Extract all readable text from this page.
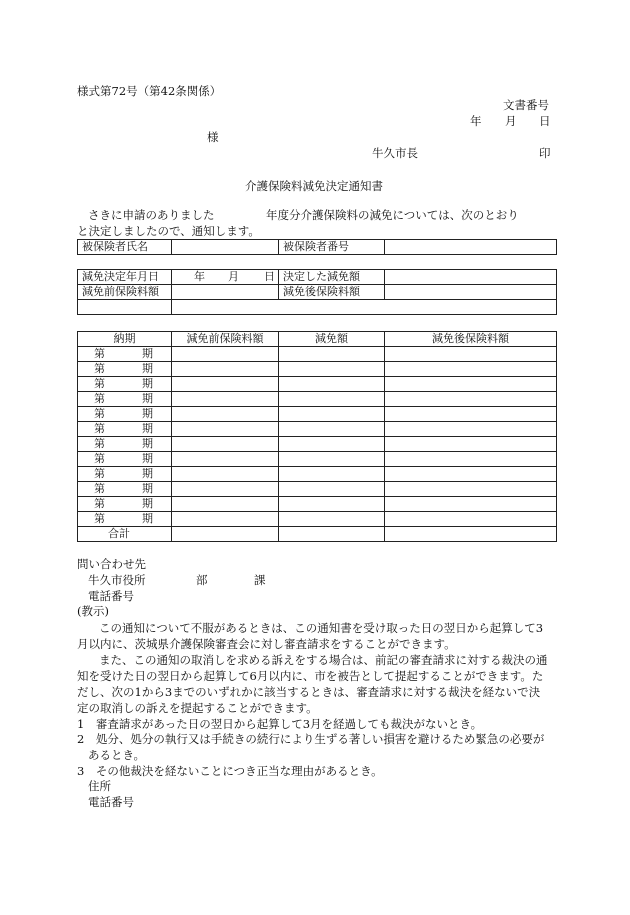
様式第72号（第42条関係）
文書番号
年 月 日
様
牛久市長	印
介護保険料減免決定通知書
さきに申請のありました	年度分介護保険料の減免については、次のとおり
と決定しましたので、通知します。
被保険者氏名		被保険者番号	
減免決定年月日	年 月 日	決定した減免額	
減免前保険料額		減免後保険料額	

納期	減免前保険料額	減免額	減免後保険料額

第 期			

第 期			

第 期			

第 期			

第 期			

第 期			

第 期			

第 期			

第 期			

第 期			

第 期			

第 期			

合計			
問い合わせ先
牛久市役所	部	課
電話番号
(教示)
この通知について不服があるときは、この通知書を受け取った日の翌日から起算して3月以内に、茨城県介護保険審査会に対し審査請求をすることができます。
また、この通知の取消しを求める訴えをする場合は、前記の審査請求に対する裁決の通知を受けた日の翌日から起算して6月以内に、市を被告として提起することができます。ただし、次の1から3までのいずれかに該当するときは、審査請求に対する裁決を経ないで決定の取消しの訴えを提起することができます。
1　 審査請求があった日の翌日から起算して3月を経過しても裁決がないとき。
2　 処分、処分の執行又は手続きの続行により生ずる著しい損害を避けるため緊急の必要があるとき。
3　 その他裁決を経ないことにつき正当な理由があるとき。
住所
電話番号
